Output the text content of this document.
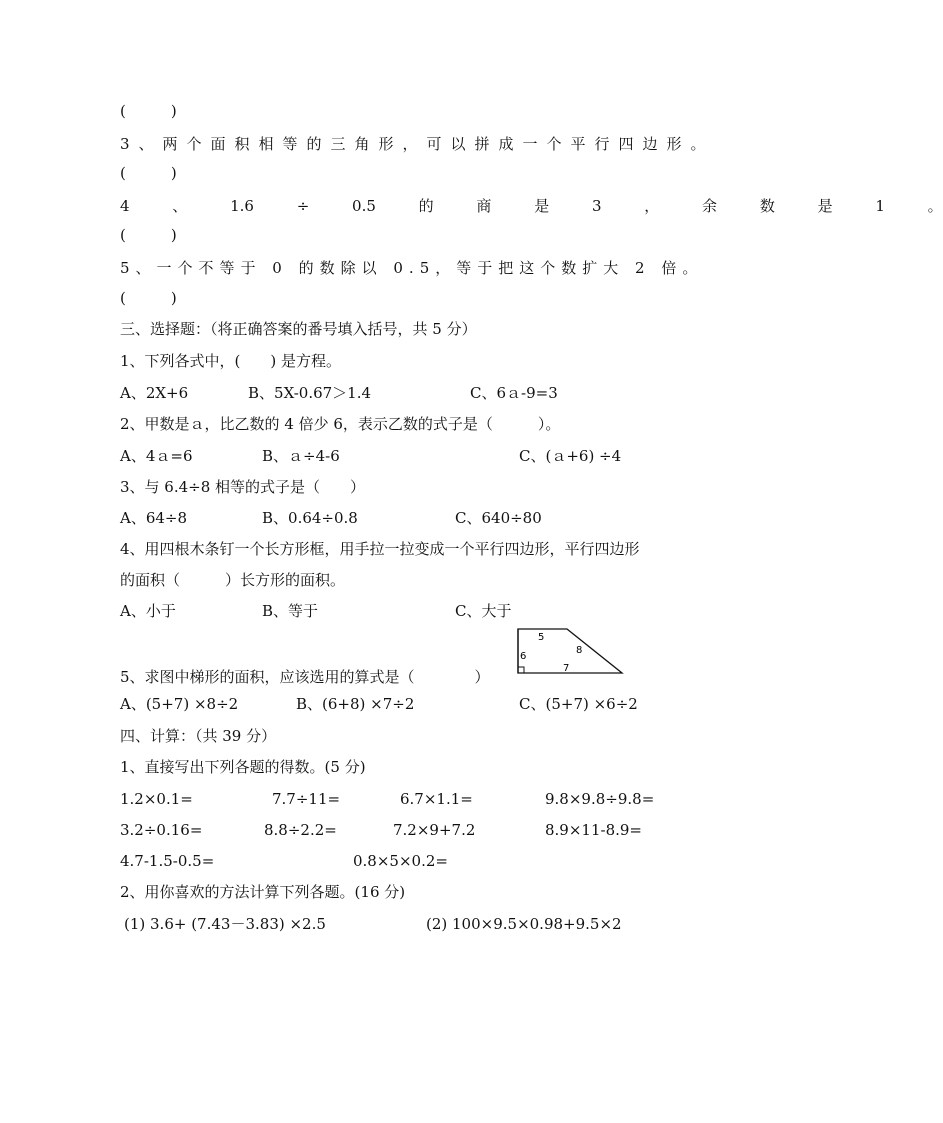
(　　　)
3、两个面积相等的三角形，可以拼成一个平行四边形。
(　　　)
4 、 1.6 ÷ 0.5 的 商 是 3 ， 余 数 是 1 。
(　　　)
5、一个不等于 0 的数除以 0.5，等于把这个数扩大 2 倍。
(　　　)
三、选择题：（将正确答案的番号填入括号，共 5 分）
1、下列各式中，(　　) 是方程。
A、2X+6	B、5X-0.67＞1.4	C、6ａ-9=3
2、甲数是ａ，比乙数的 4 倍少 6，表示乙数的式子是（　　　）。
A、4ａ=6	B、ａ÷4-6	C、(ａ+6) ÷4
3、与 6.4÷8 相等的式子是（　　）
A、64÷8	B、0.64÷0.8	C、640÷80
4、用四根木条钉一个长方形框，用手拉一拉变成一个平行四边形，平行四边形
的面积（　　　）长方形的面积。
A、小于	B、等于	C、大于
5
8
6
7
5、求图中梯形的面积，应该选用的算式是（　　　　）
A、(5+7) ×8÷2	B、(6+8) ×7÷2	C、(5+7) ×6÷2
四、计算：（共 39 分）
1、直接写出下列各题的得数。(5 分)
1.2×0.1=	7.7÷11=	6.7×1.1=	9.8×9.8÷9.8=
3.2÷0.16=	8.8÷2.2=	7.2×9+7.2	8.9×11-8.9=
4.7-1.5-0.5=	0.8×5×0.2=
2、用你喜欢的方法计算下列各题。(16 分)
(1) 3.6+ (7.43－3.83) ×2.5	(2) 100×9.5×0.98+9.5×2
